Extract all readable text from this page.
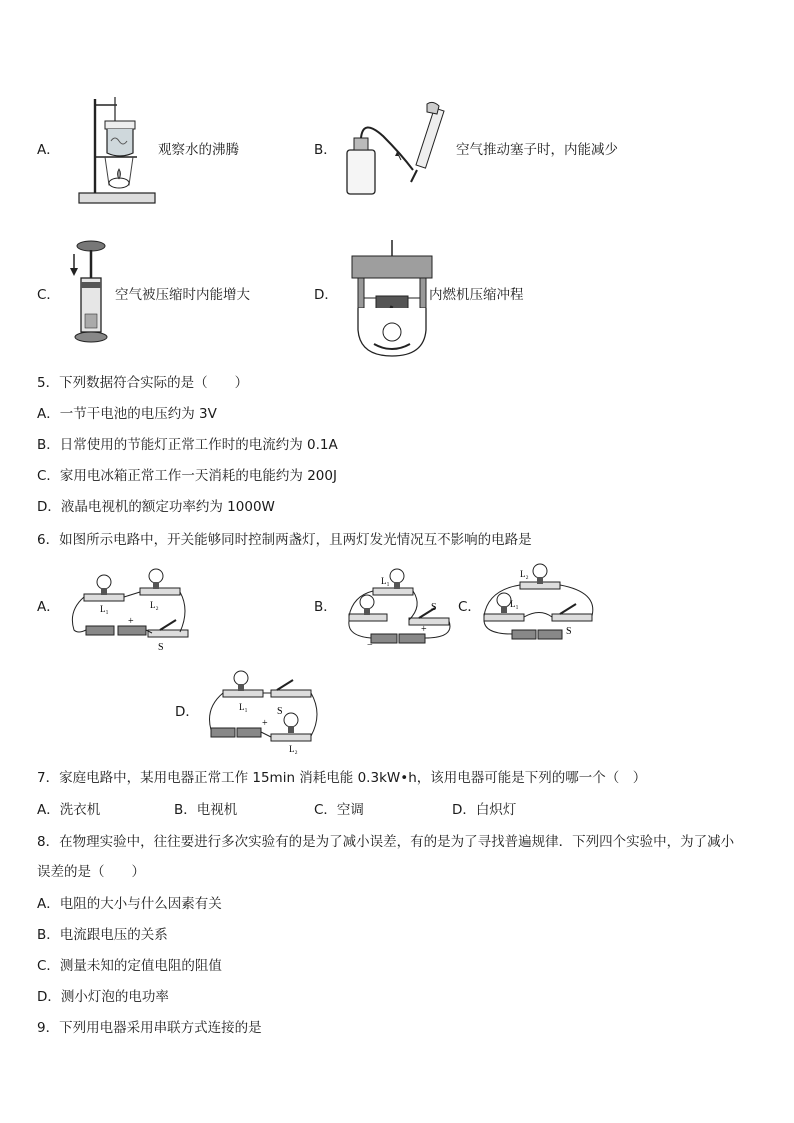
A．	观察水的沸腾	B．	空气推动塞子时，内能减少
C．	空气被压缩时内能增大	D．	内燃机压缩冲程
5．下列数据符合实际的是（　　）
A．一节干电池的电压约为 3V
B．日常使用的节能灯正常工作时的电流约为 0.1A
C．家用电冰箱正常工作一天消耗的电能约为 200J
D．液晶电视机的额定功率约为 1000W
6．如图所示电路中，开关能够同时控制两盏灯，且两灯发光情况互不影响的电路是
A．	L₁	L₂
S
+
B．
L₁
S
−
+
C．
L₂
L₁
S
D．	L₁	S
L₂
+
7．家庭电路中，某用电器正常工作 15min 消耗电能 0.3kW•h，该用电器可能是下列的哪一个（　）
A．洗衣机	B．电视机	C．空调	D．白炽灯
8．在物理实验中，往往要进行多次实验有的是为了减小误差，有的是为了寻找普遍规律．下列四个实验中，为了减小
误差的是（　　）
A．电阻的大小与什么因素有关
B．电流跟电压的关系
C．测量未知的定值电阻的阻值
D．测小灯泡的电功率
9．下列用电器采用串联方式连接的是
